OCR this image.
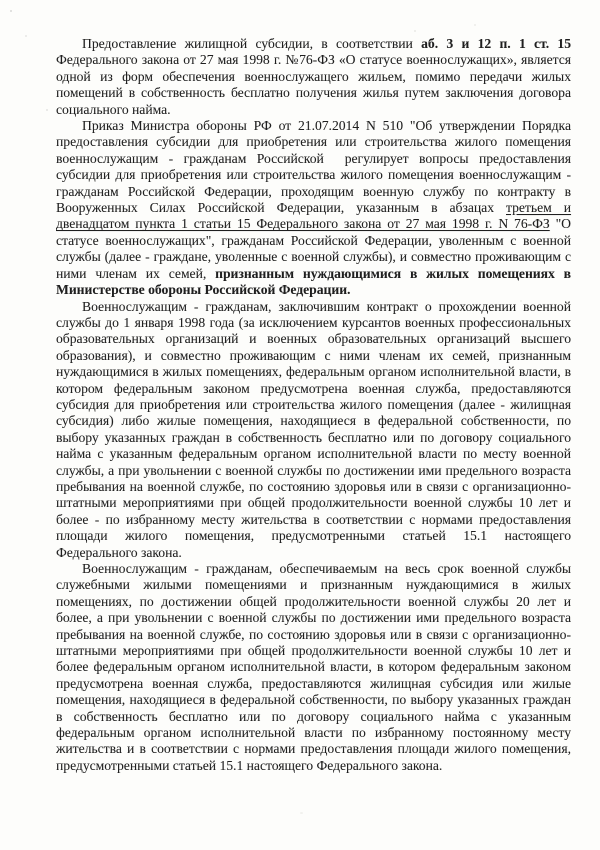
Предоставление жилищной субсидии, в соответствии аб. 3 и 12 п. 1 ст. 15 Федерального закона от 27 мая 1998 г. №76-ФЗ «О статусе военнослужащих», является одной из форм обеспечения военнослужащего жильем, помимо передачи жилых помещений в собственность бесплатно получения жилья путем заключения договора социального найма.

Приказ Министра обороны РФ от 21.07.2014 N 510 "Об утверждении Порядка предоставления субсидии для приобретения или строительства жилого помещения военнослужащим - гражданам Российской  регулирует вопросы предоставления субсидии для приобретения или строительства жилого помещения военнослужащим - гражданам Российской Федерации, проходящим военную службу по контракту в Вооруженных Силах Российской Федерации, указанным в абзацах третьем и двенадцатом пункта 1 статьи 15 Федерального закона от 27 мая 1998 г. N 76-ФЗ "О статусе военнослужащих", гражданам Российской Федерации, уволенным с военной службы (далее - граждане, уволенные с военной службы), и совместно проживающим с ними членам их семей, признанным нуждающимися в жилых помещениях в Министерстве обороны Российской Федерации.

Военнослужащим - гражданам, заключившим контракт о прохождении военной службы до 1 января 1998 года (за исключением курсантов военных профессиональных образовательных организаций и военных образовательных организаций высшего образования), и совместно проживающим с ними членам их семей, признанным нуждающимися в жилых помещениях, федеральным органом исполнительной власти, в котором федеральным законом предусмотрена военная служба, предоставляются субсидия для приобретения или строительства жилого помещения (далее - жилищная субсидия) либо жилые помещения, находящиеся в федеральной собственности, по выбору указанных граждан в собственность бесплатно или по договору социального найма с указанным федеральным органом исполнительной власти по месту военной службы, а при увольнении с военной службы по достижении ими предельного возраста пребывания на военной службе, по состоянию здоровья или в связи с организационно-штатными мероприятиями при общей продолжительности военной службы 10 лет и более - по избранному месту жительства в соответствии с нормами предоставления площади жилого помещения, предусмотренными статьей 15.1 настоящего Федерального закона.

Военнослужащим - гражданам, обеспечиваемым на весь срок военной службы служебными жилыми помещениями и признанным нуждающимися в жилых помещениях, по достижении общей продолжительности военной службы 20 лет и более, а при увольнении с военной службы по достижении ими предельного возраста пребывания на военной службе, по состоянию здоровья или в связи с организационно-штатными мероприятиями при общей продолжительности военной службы 10 лет и более федеральным органом исполнительной власти, в котором федеральным законом предусмотрена военная служба, предоставляются жилищная субсидия или жилые помещения, находящиеся в федеральной собственности, по выбору указанных граждан в собственность бесплатно или по договору социального найма с указанным федеральным органом исполнительной власти по избранному постоянному месту жительства и в соответствии с нормами предоставления площади жилого помещения, предусмотренными статьей 15.1 настоящего Федерального закона.
